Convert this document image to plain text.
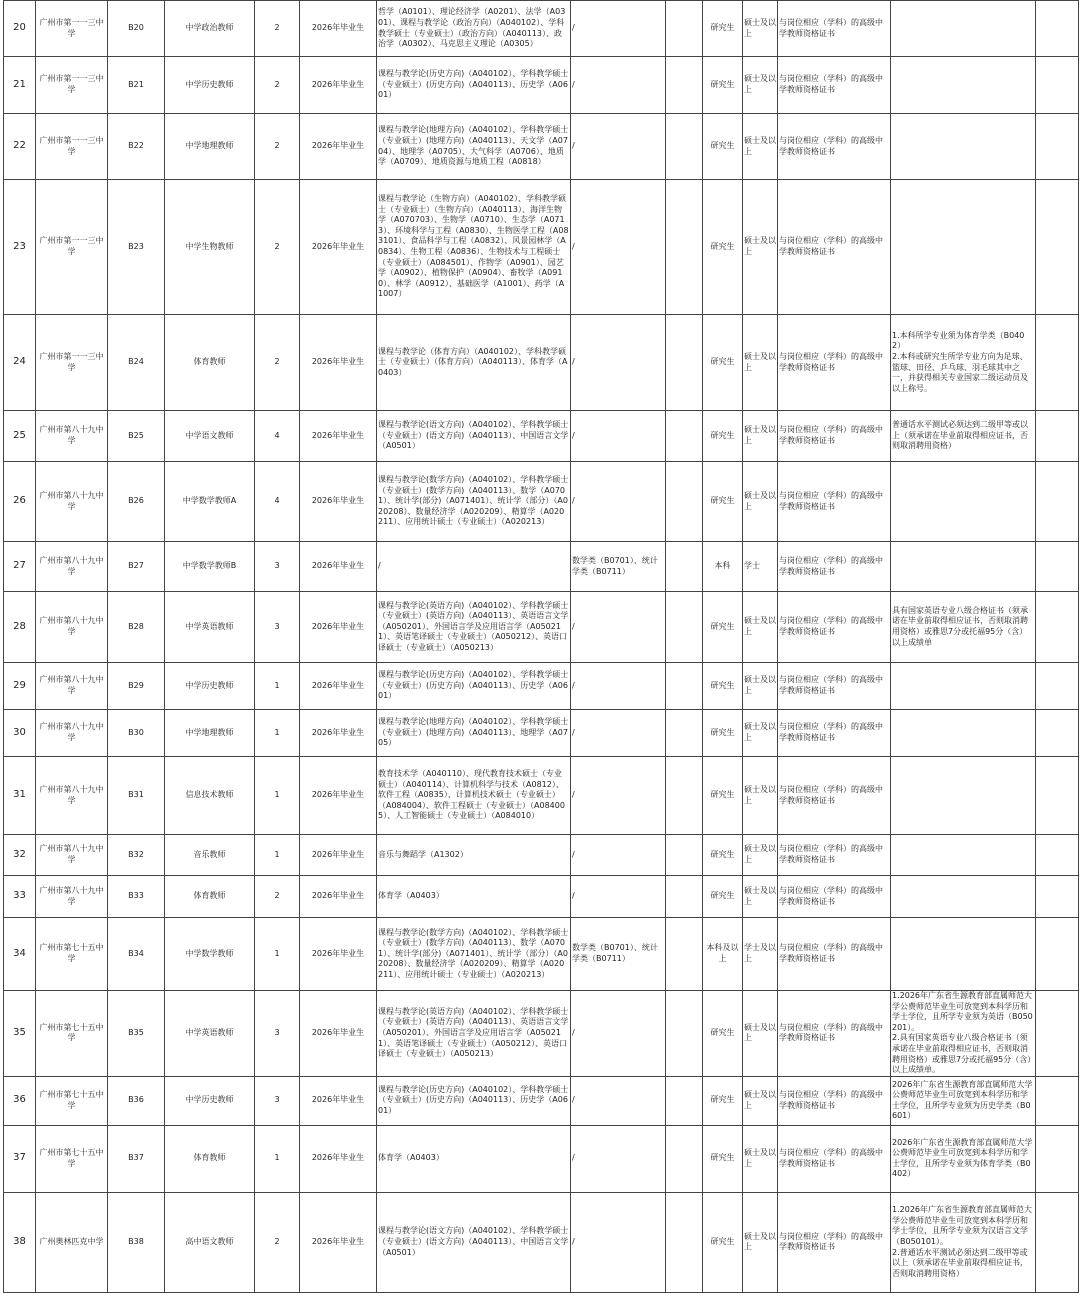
20	广州市第一一三中学	B20	中学政治教师	2	2026年毕业生	哲学（A0101）、理论经济学（A0201）、法学（A0301）、课程与教学论（政治方向）（A040102）、学科教学硕士（专业硕士）（政治方向）（A040113）、政治学（A0302）、马克思主义理论（A0305）	/		研究生	硕士及以上	与岗位相应（学科）的高级中学教师资格证书		
21	广州市第一一三中学	B21	中学历史教师	2	2026年毕业生	课程与教学论(历史方向)（A040102）、学科教学硕士（专业硕士）(历史方向)（A040113）、历史学（A0601）	/		研究生	硕士及以上	与岗位相应（学科）的高级中学教师资格证书		
22	广州市第一一三中学	B22	中学地理教师	2	2026年毕业生	课程与教学论(地理方向)（A040102）、学科教学硕士（专业硕士）(地理方向)（A040113）、天文学（A0704）、地理学（A0705）、大气科学（A0706）、地质学（A0709）、地质资源与地质工程（A0818）	/		研究生	硕士及以上	与岗位相应（学科）的高级中学教师资格证书		
23	广州市第一一三中学	B23	中学生物教师	2	2026年毕业生	课程与教学论（生物方向）（A040102）、学科教学硕士（专业硕士）（生物方向）（A040113）、海洋生物学（A070703）、生物学（A0710）、生态学（A0713）、环境科学与工程（A0830）、生物医学工程（A083101）、食品科学与工程（A0832）、风景园林学（A0834）、生物工程（A0836）、生物技术与工程硕士（专业硕士）（A084501）、作物学（A0901）、园艺学（A0902）、植物保护（A0904）、畜牧学（A0910）、林学（A0912）、基础医学（A1001）、药学（A1007）	/		研究生	硕士及以上	与岗位相应（学科）的高级中学教师资格证书		
24	广州市第一一三中学	B24	体育教师	2	2026年毕业生	课程与教学论（体育方向）（A040102）、学科教学硕士（专业硕士）（体育方向）（A040113）、体育学（A0403）	/		研究生	硕士及以上	与岗位相应（学科）的高级中学教师资格证书	1.本科所学专业须为体育学类（B0402）
2.本科或研究生所学专业方向为足球、篮球、田径、乒乓球、羽毛球其中之一，并获得相关专业国家二级运动员及以上称号。	
25	广州市第八十九中学	B25	中学语文教师	4	2026年毕业生	课程与教学论(语文方向)（A040102）、学科教学硕士（专业硕士）(语文方向)（A040113）、中国语言文学（A0501）	/		研究生	硕士及以上	与岗位相应（学科）的高级中学教师资格证书	普通话水平测试必须达到二级甲等或以上（须承诺在毕业前取得相应证书，否则取消聘用资格）	
26	广州市第八十九中学	B26	中学数学教师A	4	2026年毕业生	课程与教学论(数学方向)（A040102）、学科教学硕士（专业硕士）(数学方向)（A040113）、数学（A0701）、统计学(部分)（A071401）、统计学（部分）（A020208）、数量经济学（A020209）、精算学（A020211）、应用统计硕士（专业硕士）（A020213）	/		研究生	硕士及以上	与岗位相应（学科）的高级中学教师资格证书		
27	广州市第八十九中学	B27	中学数学教师B	3	2026年毕业生	/	数学类（B0701）、统计学类（B0711）		本科	学士	与岗位相应（学科）的高级中学教师资格证书		
28	广州市第八十九中学	B28	中学英语教师	3	2026年毕业生	课程与教学论(英语方向)（A040102）、学科教学硕士（专业硕士）(英语方向)（A040113）、英语语言文学（A050201）、外国语言学及应用语言学（A050211）、英语笔译硕士（专业硕士）（A050212）、英语口译硕士（专业硕士）（A050213）	/		研究生	硕士及以上	与岗位相应（学科）的高级中学教师资格证书	具有国家英语专业八级合格证书（须承诺在毕业前取得相应证书，否则取消聘用资格）或雅思7分或托福95分（含）以上成绩单	
29	广州市第八十九中学	B29	中学历史教师	1	2026年毕业生	课程与教学论(历史方向)（A040102）、学科教学硕士（专业硕士）(历史方向)（A040113）、历史学（A0601）	/		研究生	硕士及以上	与岗位相应（学科）的高级中学教师资格证书		
30	广州市第八十九中学	B30	中学地理教师	1	2026年毕业生	课程与教学论(地理方向)（A040102）、学科教学硕士（专业硕士）(地理方向)（A040113）、地理学（A0705）	/		研究生	硕士及以上	与岗位相应（学科）的高级中学教师资格证书		
31	广州市第八十九中学	B31	信息技术教师	1	2026年毕业生	教育技术学（A040110）、现代教育技术硕士（专业硕士）（A040114）、计算机科学与技术（A0812）、软件工程（A0835）、计算机技术硕士（专业硕士）（A084004）、软件工程硕士（专业硕士）（A084005）、人工智能硕士（专业硕士）（A084010）	/		研究生	硕士及以上	与岗位相应（学科）的高级中学教师资格证书		
32	广州市第八十九中学	B32	音乐教师	1	2026年毕业生	音乐与舞蹈学（A1302）	/		研究生	硕士及以上	与岗位相应（学科）的高级中学教师资格证书		
33	广州市第八十九中学	B33	体育教师	2	2026年毕业生	体育学（A0403）	/		研究生	硕士及以上	与岗位相应（学科）的高级中学教师资格证书		
34	广州市第七十五中学	B34	中学数学教师	1	2026年毕业生	课程与教学论(数学方向)（A040102）、学科教学硕士（专业硕士）(数学方向)（A040113）、数学（A0701）、统计学(部分)（A071401）、统计学（部分）（A020208）、数量经济学（A020209）、精算学（A020211）、应用统计硕士（专业硕士）（A020213）	数学类（B0701）、统计学类（B0711）		本科及以上	学士及以上	与岗位相应（学科）的高级中学教师资格证书		
35	广州市第七十五中学	B35	中学英语教师	3	2026年毕业生	课程与教学论(英语方向)（A040102）、学科教学硕士（专业硕士）(英语方向)（A040113）、英语语言文学（A050201）、外国语言学及应用语言学（A050211）、英语笔译硕士（专业硕士）（A050212）、英语口译硕士（专业硕士）（A050213）	/		研究生	硕士及以上	与岗位相应（学科）的高级中学教师资格证书	1.2026年广东省生源教育部直属师范大学公费师范毕业生可放宽到本科学历和学士学位，且所学专业须为英语（B050201）。
2.具有国家英语专业八级合格证书（须承诺在毕业前取得相应证书，否则取消聘用资格）或雅思7分或托福95分（含）以上成绩单。	
36	广州市第七十五中学	B36	中学历史教师	3	2026年毕业生	课程与教学论(历史方向)（A040102）、学科教学硕士（专业硕士）(历史方向)（A040113）、历史学（A0601）	/		研究生	硕士及以上	与岗位相应（学科）的高级中学教师资格证书	2026年广东省生源教育部直属师范大学公费师范毕业生可放宽到本科学历和学士学位，且所学专业须为历史学类（B0601）	
37	广州市第七十五中学	B37	体育教师	1	2026年毕业生	体育学（A0403）	/		研究生	硕士及以上	与岗位相应（学科）的高级中学教师资格证书	2026年广东省生源教育部直属师范大学公费师范毕业生可放宽到本科学历和学士学位，且所学专业须为体育学类（B0402）	
38	广州奥林匹克中学	B38	高中语文教师	2	2026年毕业生	课程与教学论(语文方向)（A040102）、学科教学硕士（专业硕士）(语文方向)（A040113）、中国语言文学（A0501）	/		研究生	硕士及以上	与岗位相应（学科）的高级中学教师资格证书	1.2026年广东省生源教育部直属师范大学公费师范毕业生可放宽到本科学历和学士学位，且所学专业须为汉语言文学（B050101）。
2.普通话水平测试必须达到二级甲等或以上（须承诺在毕业前取得相应证书，否则取消聘用资格）	
